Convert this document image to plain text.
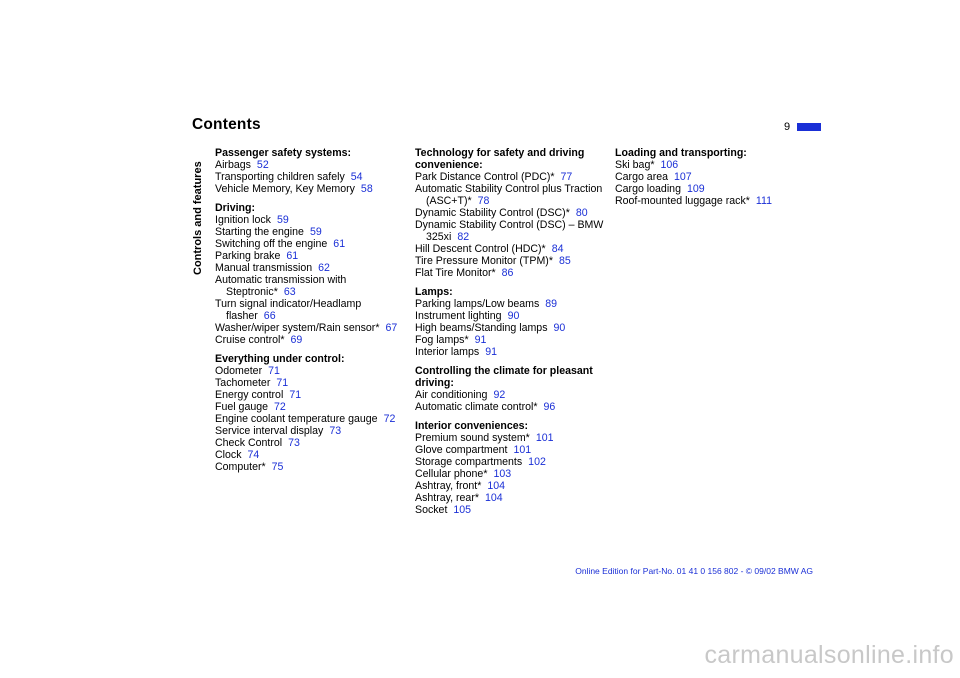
Contents	9
Controls and features
Passenger safety systems:
Airbags 52
Transporting children safely 54
Vehicle Memory, Key Memory 58
Driving:
Ignition lock 59
Starting the engine 59
Switching off the engine 61
Parking brake 61
Manual transmission 62
Automatic transmission with Steptronic* 63
Turn signal indicator/Headlamp flasher 66
Washer/wiper system/Rain sensor* 67
Cruise control* 69
Everything under control:
Odometer 71
Tachometer 71
Energy control 71
Fuel gauge 72
Engine coolant temperature gauge 72
Service interval display 73
Check Control 73
Clock 74
Computer* 75
Technology for safety and driving convenience:
Park Distance Control (PDC)* 77
Automatic Stability Control plus Traction (ASC+T)* 78
Dynamic Stability Control (DSC)* 80
Dynamic Stability Control (DSC) – BMW 325xi 82
Hill Descent Control (HDC)* 84
Tire Pressure Monitor (TPM)* 85
Flat Tire Monitor* 86
Lamps:
Parking lamps/Low beams 89
Instrument lighting 90
High beams/Standing lamps 90
Fog lamps* 91
Interior lamps 91
Controlling the climate for pleasant driving:
Air conditioning 92
Automatic climate control* 96
Interior conveniences:
Premium sound system* 101
Glove compartment 101
Storage compartments 102
Cellular phone* 103
Ashtray, front* 104
Ashtray, rear* 104
Socket 105
Loading and transporting:
Ski bag* 106
Cargo area 107
Cargo loading 109
Roof-mounted luggage rack* 111
Online Edition for Part-No. 01 41 0 156 802 - © 09/02 BMW AG
carmanualsonline.info
